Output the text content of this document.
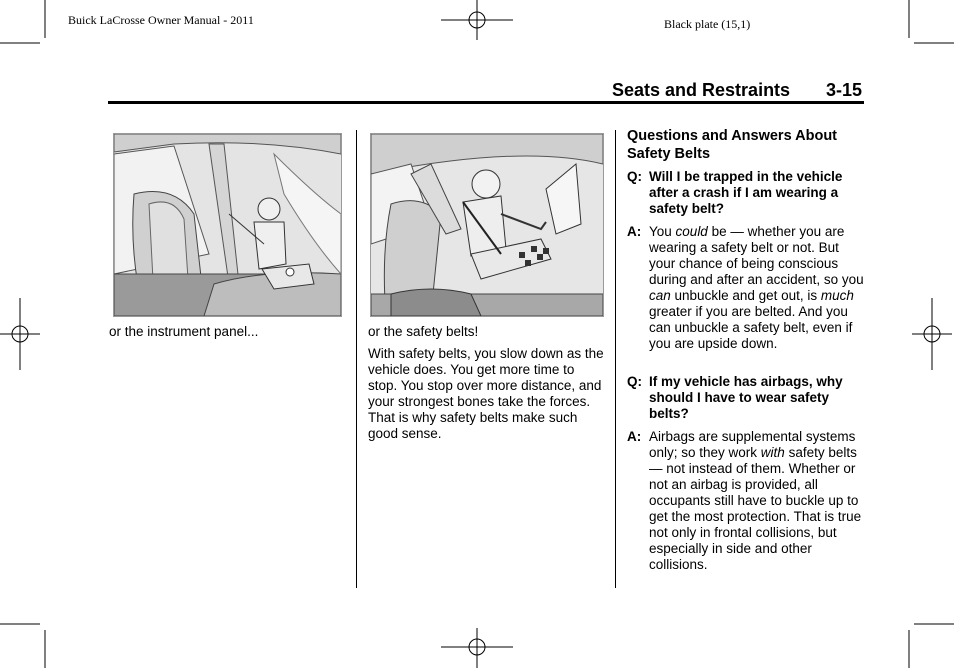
Buick LaCrosse Owner Manual - 2011	Black plate (15,1)
Seats and Restraints 3-15
or the instrument panel...	or the safety belts!
With safety belts, you slow down as the vehicle does. You get more time to stop. You stop over more distance, and your strongest bones take the forces. That is why safety belts make such good sense.
Questions and Answers About Safety Belts
Q: Will I be trapped in the vehicle after a crash if I am wearing a safety belt?
A: You could be — whether you are wearing a safety belt or not. But your chance of being conscious during and after an accident, so you can unbuckle and get out, is much greater if you are belted. And you can unbuckle a safety belt, even if you are upside down.
Q: If my vehicle has airbags, why should I have to wear safety belts?
A: Airbags are supplemental systems only; so they work with safety belts — not instead of them. Whether or not an airbag is provided, all occupants still have to buckle up to get the most protection. That is true not only in frontal collisions, but especially in side and other collisions.
